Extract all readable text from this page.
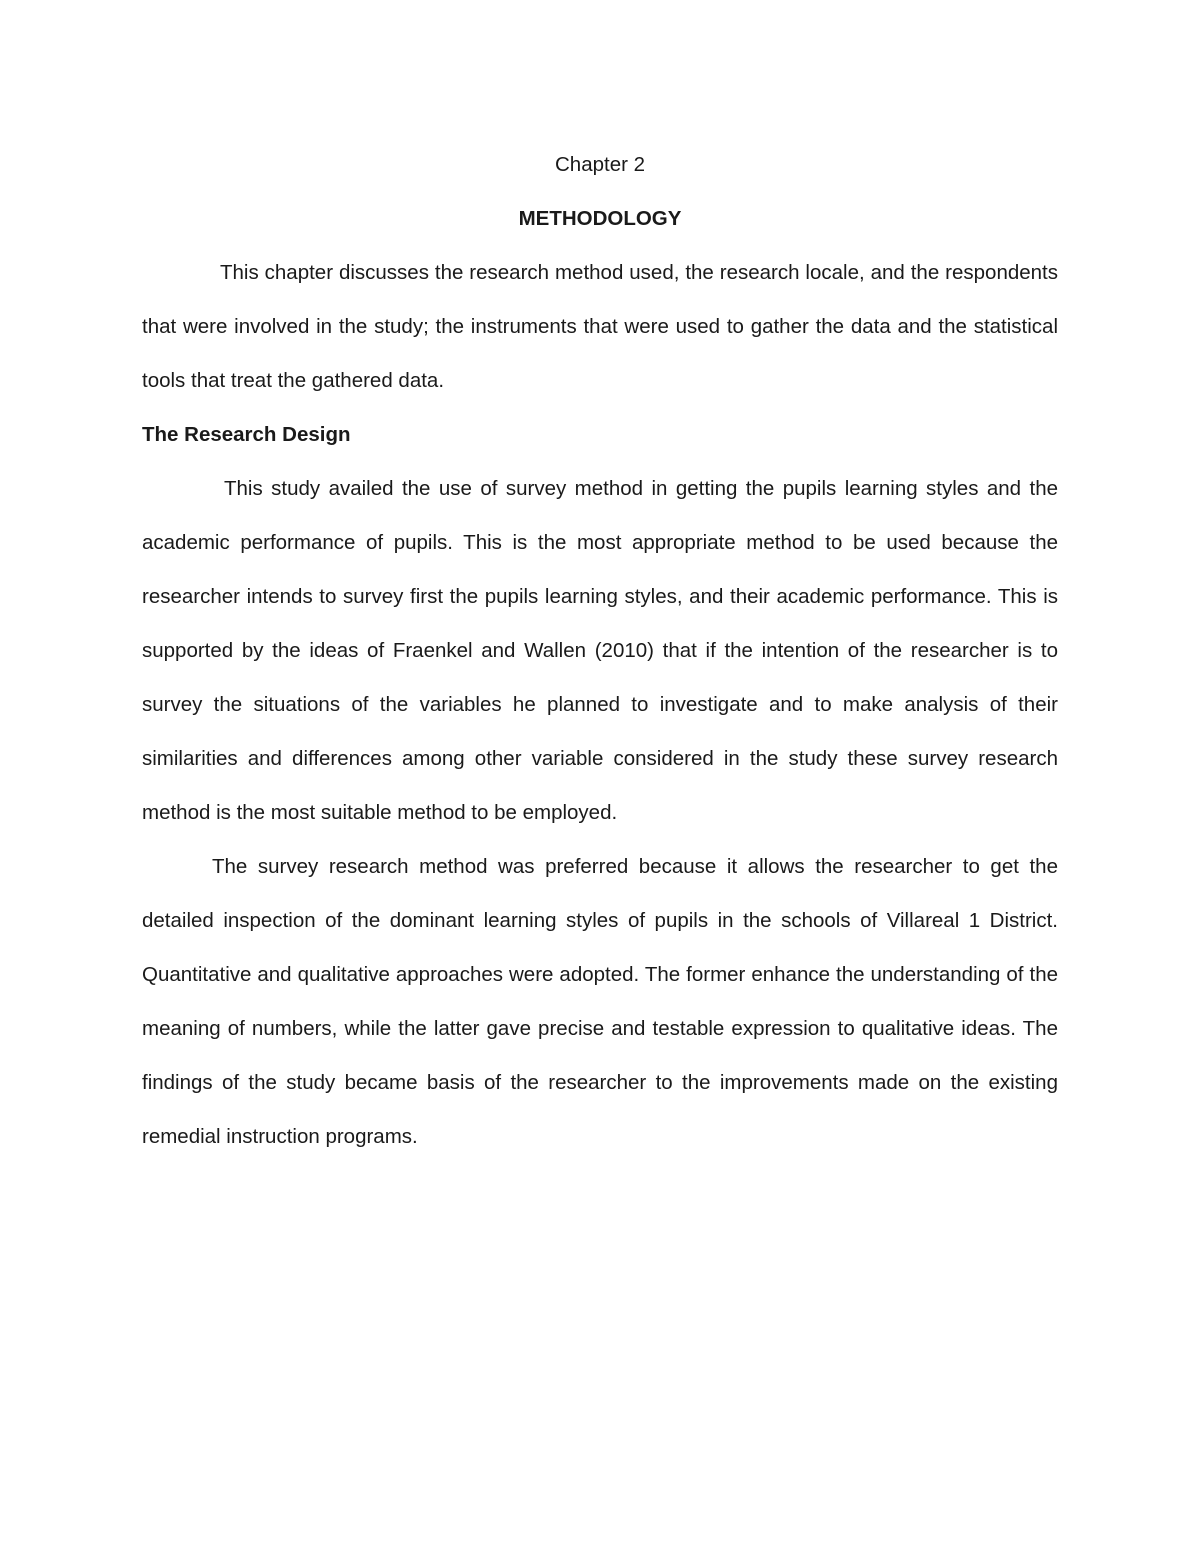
Chapter 2

METHODOLOGY

This chapter discusses the research method used, the research locale, and the respondents that were involved in the study; the instruments that were used to gather the data and the statistical tools that treat the gathered data.

The Research Design

This study availed the use of survey method in getting the pupils learning styles and the academic performance of pupils. This is the most appropriate method to be used because the researcher intends to survey first the pupils learning styles, and their academic performance. This is supported by the ideas of Fraenkel and Wallen (2010) that if the intention of the researcher is to survey the situations of the variables he planned to investigate and to make analysis of their similarities and differences among other variable considered in the study these survey research method is the most suitable method to be employed.

The survey research method was preferred because it allows the researcher to get the detailed inspection of the dominant learning styles of pupils in the schools of Villareal 1 District. Quantitative and qualitative approaches were adopted. The former enhance the understanding of the meaning of numbers, while the latter gave precise and testable expression to qualitative ideas. The findings of the study became basis of the researcher to the improvements made on the existing remedial instruction programs.
